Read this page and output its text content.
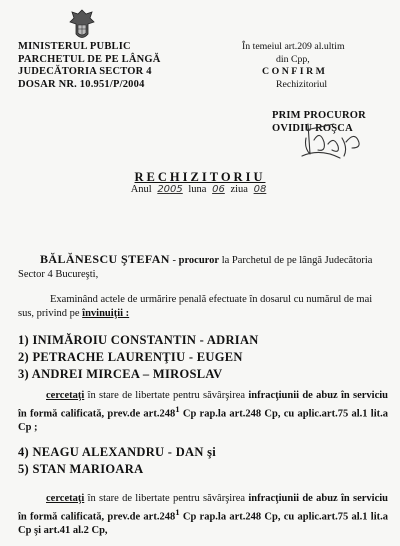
MINISTERUL PUBLIC
PARCHETUL DE PE LÂNGĂ
JUDECĂTORIA SECTOR 4
DOSAR NR. 10.951/P/2004
În temeiul art.209 al.ultim
din Cpp,
CONFIRM
Rechizitoriul
PRIM PROCUROR
OVIDIU ROŞCA
RECHIZITORIU
Anul 2005 luna 06 ziua 08
BĂLĂNESCU ŞTEFAN - procuror la Parchetul de pe lângă Judecătoria Sector 4 Bucureşti,
Examinând actele de urmărire penală efectuate în dosarul cu numărul de mai sus, privind pe învinuiţii :
1) INIMĂROIU CONSTANTIN - ADRIAN
2) PETRACHE LAURENŢIU - EUGEN
3) ANDREI MIRCEA – MIROSLAV
cercetaţi în stare de libertate pentru săvârşirea infracţiunii de abuz în serviciu în formă calificată, prev.de art.248$^1$ Cp rap.la art.248 Cp, cu aplic.art.75 al.1 lit.a Cp ;
4) NEAGU ALEXANDRU - DAN şi
5) STAN MARIOARA
cercetaţi în stare de libertate pentru săvârşirea infracţiunii de abuz în serviciu în formă calificată, prev.de art.248$^1$ Cp rap.la art.248 Cp, cu aplic.art.75 al.1 lit.a Cp şi art.41 al.2 Cp,
